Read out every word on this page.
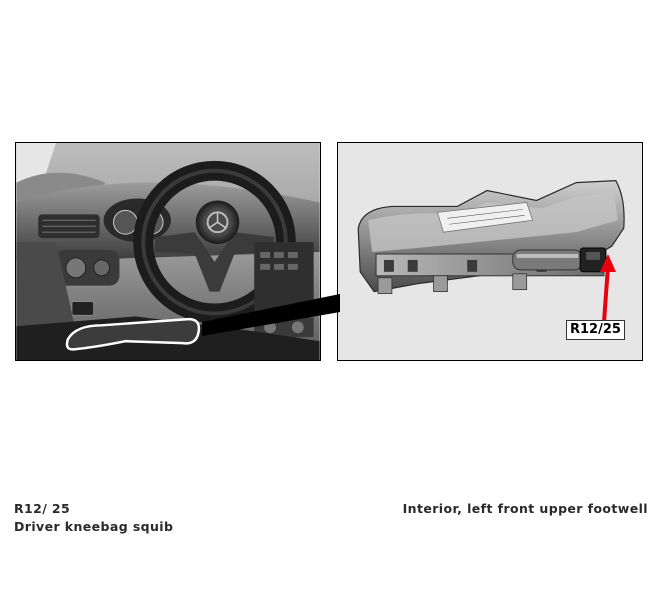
R12/25
R12/ 25
Driver kneebag squib
Interior, left front upper footwell
